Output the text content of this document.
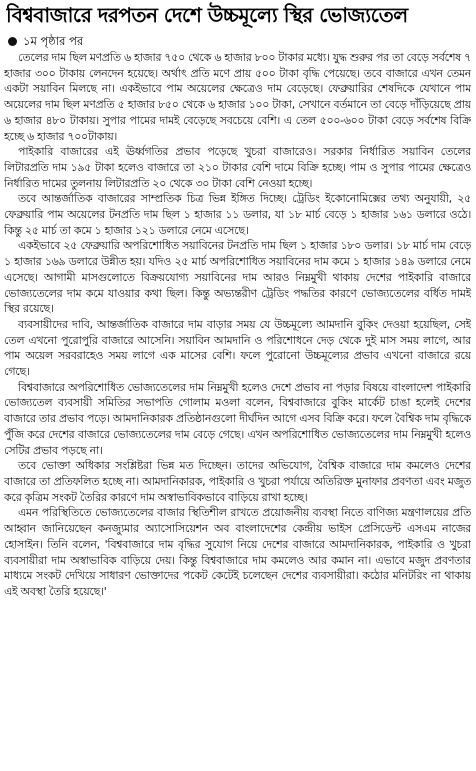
বিশ্ববাজারে দরপতন দেশে উচ্চমূল্যে স্থির ভোজ্যতেল
১ম পৃষ্ঠার পর

তেলের দাম ছিল মণপ্রতি ৬ হাজার ৭৫০ থেকে ৬ হাজার ৮০০ টাকার মধ্যে। যুদ্ধ শুরুর পর তা বেড়ে সর্বশেষ ৭ হাজার ৩০০ টাকায় লেনদেন হয়েছে। অর্থাৎ প্রতি মণে প্রায় ৫০০ টাকা বৃদ্ধি পেয়েছে। তবে বাজারে এখন তেমন একটা সয়াবিন মিলছে না। একইভাবে পাম অয়েলের ক্ষেত্রেও দাম বেড়েছে। ফেব্রুয়ারির শেষদিকে যেখানে পাম অয়েলের দাম ছিল মণপ্রতি ৫ হাজার ৮৫০ থেকে ৬ হাজার ১০০ টাকা, সেখানে বর্তমানে তা বেড়ে দাঁড়িয়েছে প্রায় ৬ হাজার ৪৮০ টাকায়। সুপার পামের দামই বেড়েছে সবচেয়ে বেশি। এ তেল ৫০০-৬০০ টাকা বেড়ে সর্বশেষ বিক্রি হচ্ছে ৬ হাজার ৭০০টাকায়।

পাইকারি বাজারের এই ঊর্ধ্বগতির প্রভাব পড়েছে খুচরা বাজারেও। সরকার নির্ধারিত সয়াবিন তেলের লিটারপ্রতি দাম ১৯৫ টাকা হলেও বাজারে তা ২১০ টাকার বেশি দামে বিক্রি হচ্ছে। পাম ও সুপার পামের ক্ষেত্রেও নির্ধারিত দামের তুলনায় লিটারপ্রতি ২০ থেকে ৩০ টাকা বেশি নেওয়া হচ্ছে।

তবে আন্তর্জাতিক বাজারের সাম্প্রতিক চিত্র ভিন্ন ইঙ্গিত দিচ্ছে। ট্রেডিং ইকোনোমিক্সের তথ্য অনুযায়ী, ২৫ ফেব্রুয়ারি পাম অয়েলের টনপ্রতি দাম ছিল ১ হাজার ১১ ডলার, যা ১৮ মার্চ বেড়ে ১ হাজার ১৬১ ডলারে ওঠে। কিন্তু ২৫ মার্চ তা কমে ১ হাজার ১২১ ডলারে নেমে এসেছে।

একইভাবে ২৫ ফেব্রুয়ারি অপরিশোধিত সয়াবিনের টনপ্রতি দাম ছিল ১ হাজার ১৮০ ডলার। ১৮ মার্চ দাম বেড়ে ১ হাজার ১৬৯ ডলারে উন্নীত হয়। যদিও ২৫ মার্চ অপরিশোধিত সয়াবিনের দাম কমে ১ হাজার ১৪৯ ডলারে নেমে এসেছে। আগামী মাসগুলোতে বিক্রয়যোগ্য সয়াবিনের দাম আরও নিম্নমুখী থাকায় দেশের পাইকারি বাজারে ভোজ্যতেলের দাম কমে যাওয়ার কথা ছিল। কিন্তু অভ্যন্তরীণ ট্রেডিং পদ্ধতির কারণে ভোজ্যতেলের বর্ধিত দামই স্থির রয়েছে।

ব্যবসায়ীদের দাবি, আন্তর্জাতিক বাজারে দাম বাড়ার সময় যে উচ্চমূল্যে আমদানি বুকিং দেওয়া হয়েছিল, সেই তেল এখনো পুরোপুরি বাজারে আসেনি। সয়াবিন আমদানি ও পরিশোধনে দেড় থেকে দুই মাস সময় লাগে, আর পাম অয়েল সরবরাহেও সময় লাগে এক মাসের বেশি। ফলে পুরোনো উচ্চমূল্যের প্রভাব এখনো বাজারে রয়ে গেছে।

বিশ্ববাজারে অপরিশোধিত ভোজ্যতেলের দাম নিম্নমুখী হলেও দেশে প্রভাব না পড়ার বিষয়ে বাংলাদেশ পাইকারি ভোজ্যতেল ব্যবসায়ী সমিতির সভাপতি গোলাম মওলা বলেন, বিশ্ববাজারে বুকিং মার্কেট চাঙা হলেই দেশের বাজারে তার প্রভাব পড়ে। আমদানিকারক প্রতিষ্ঠানগুলো দীর্ঘদিন আগে এসব বিক্রি করে। ফলে বৈশ্বিক দাম বৃদ্ধিকে পুঁজি করে দেশের বাজারে ভোজ্যতেলের দাম বেড়ে গেছে। এখন অপরিশোধিত ভোজ্যতেলের দাম নিম্নমুখী হলেও সেটির প্রভাব পড়ছে না।

তবে ভোক্তা অধিকার সংশ্লিষ্টরা ভিন্ন মত দিচ্ছেন। তাদের অভিযোগ, বৈশ্বিক বাজারে দাম কমলেও দেশের বাজারে তা প্রতিফলিত হচ্ছে না। আমদানিকারক, পাইকারি ও খুচরা পর্যায়ে অতিরিক্ত মুনাফার প্রবণতা এবং মজুত করে কৃত্রিম সংকট তৈরির কারণে দাম অস্বাভাবিকভাবে বাড়িয়ে রাখা হচ্ছে।

এমন পরিস্থিতিতে ভোজ্যতেলের বাজার স্থিতিশীল রাখতে প্রয়োজনীয় ব্যবস্থা নিতে বাণিজ্য মন্ত্রণালয়ের প্রতি আহ্বান জানিয়েছেন কনজ্যুমার অ্যাসোসিয়েশন অব বাংলাদেশের কেন্দ্রীয় ভাইস প্রেসিডেন্ট এসএম নাজের হোসাইন। তিনি বলেন, 'বিশ্ববাজারে দাম বৃদ্ধির সুযোগ নিয়ে দেশের বাজারে আমদানিকারক, পাইকারি ও খুচরা ব্যবসায়ীরা দাম অস্বাভাবিক বাড়িয়ে দেয়। কিন্তু বিশ্ববাজারে দাম কমলেও আর কমান না। এভাবে মজুদ প্রবণতার মাধ্যমে সংকট দেখিয়ে সাধারণ ভোক্তাদের পকেট কেটেই চলেছেন দেশের ব্যবসায়ীরা। কঠোর মনিটরিং না থাকায় এই অবস্থা তৈরি হয়েছে।'
